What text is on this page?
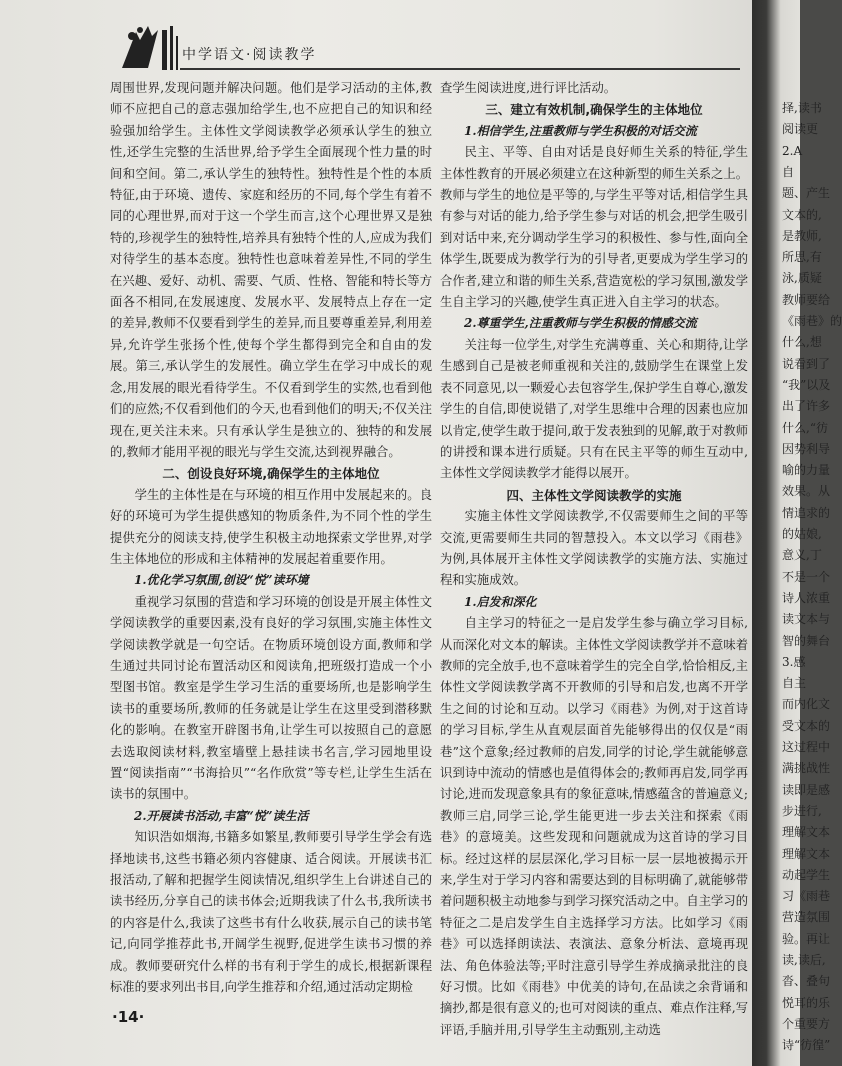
中学语文·阅读教学

周围世界,发现问题并解决问题。他们是学习活动的主体,教师不应把自己的意志强加给学生,也不应把自己的知识和经验强加给学生。主体性文学阅读教学必须承认学生的独立性,还学生完整的生活世界,给予学生全面展现个性力量的时间和空间。第二,承认学生的独特性。独特性是个性的本质特征,由于环境、遗传、家庭和经历的不同,每个学生有着不同的心理世界,而对于这一个学生而言,这个心理世界又是独特的,珍视学生的独特性,培养具有独特个性的人,应成为我们对待学生的基本态度。独特性也意味着差异性,不同的学生在兴趣、爱好、动机、需要、气质、性格、智能和特长等方面各不相同,在发展速度、发展水平、发展特点上存在一定的差异,教师不仅要看到学生的差异,而且要尊重差异,利用差异,允许学生张扬个性,使每个学生都得到完全和自由的发展。第三,承认学生的发展性。确立学生在学习中成长的观念,用发展的眼光看待学生。不仅看到学生的实然,也看到他们的应然;不仅看到他们的今天,也看到他们的明天;不仅关注现在,更关注未来。只有承认学生是独立的、独特的和发展的,教师才能用平视的眼光与学生交流,达到视界融合。

二、创设良好环境,确保学生的主体地位

学生的主体性是在与环境的相互作用中发展起来的。良好的环境可为学生提供感知的物质条件,为不同个性的学生提供充分的阅读支持,使学生积极主动地探索文学世界,对学生主体地位的形成和主体精神的发展起着重要作用。

1.优化学习氛围,创设“悦”读环境

重视学习氛围的营造和学习环境的创设是开展主体性文学阅读教学的重要因素,没有良好的学习氛围,实施主体性文学阅读教学就是一句空话。在物质环境创设方面,教师和学生通过共同讨论布置活动区和阅读角,把班级打造成一个小型图书馆。教室是学生学习生活的重要场所,也是影响学生读书的重要场所,教师的任务就是让学生在这里受到潜移默化的影响。在教室开辟图书角,让学生可以按照自己的意愿去选取阅读材料,教室墙壁上悬挂读书名言,学习园地里设置“阅读指南”“书海拾贝”“名作欣赏”等专栏,让学生生活在读书的氛围中。

2.开展读书活动,丰富“悦”读生活

知识浩如烟海,书籍多如繁星,教师要引导学生学会有选择地读书,这些书籍必须内容健康、适合阅读。开展读书汇报活动,了解和把握学生阅读情况,组织学生上台讲述自己的读书经历,分享自己的读书体会;近期我读了什么书,我所读书的内容是什么,我读了这些书有什么收获,展示自己的读书笔记,向同学推荐此书,开阔学生视野,促进学生读书习惯的养成。教师要研究什么样的书有利于学生的成长,根据新课程标准的要求列出书目,向学生推荐和介绍,通过活动定期检

查学生阅读进度,进行评比活动。

三、建立有效机制,确保学生的主体地位
1.相信学生,注重教师与学生积极的对话交流

民主、平等、自由对话是良好师生关系的特征,学生主体性教育的开展必须建立在这种新型的师生关系之上。教师与学生的地位是平等的,与学生平等对话,相信学生具有参与对话的能力,给予学生参与对话的机会,把学生吸引到对话中来,充分调动学生学习的积极性、参与性,面向全体学生,既要成为教学行为的引导者,更要成为学生学习的合作者,建立和谐的师生关系,营造宽松的学习氛围,激发学生自主学习的兴趣,使学生真正进入自主学习的状态。

2.尊重学生,注重教师与学生积极的情感交流

关注每一位学生,对学生充满尊重、关心和期待,让学生感到自己是被老师重视和关注的,鼓励学生在课堂上发表不同意见,以一颗爱心去包容学生,保护学生自尊心,激发学生的自信,即使说错了,对学生思维中合理的因素也应加以肯定,使学生敢于提问,敢于发表独到的见解,敢于对教师的讲授和课本进行质疑。只有在民主平等的师生互动中,主体性文学阅读教学才能得以展开。

四、主体性文学阅读教学的实施

实施主体性文学阅读教学,不仅需要师生之间的平等交流,更需要师生共同的智慧投入。本文以学习《雨巷》为例,具体展开主体性文学阅读教学的实施方法、实施过程和实施成效。

1.启发和深化

自主学习的特征之一是启发学生参与确立学习目标,从而深化对文本的解读。主体性文学阅读教学并不意味着教师的完全放手,也不意味着学生的完全自学,恰恰相反,主体性文学阅读教学离不开教师的引导和启发,也离不开学生之间的讨论和互动。以学习《雨巷》为例,对于这首诗的学习目标,学生从直观层面首先能够得出的仅仅是“雨巷”这个意象;经过教师的启发,同学的讨论,学生就能够意识到诗中流动的情感也是值得体会的;教师再启发,同学再讨论,进而发现意象具有的象征意味,情感蕴含的普遍意义;教师三启,同学三论,学生能更进一步去关注和探索《雨巷》的意境美。这些发现和问题就成为这首诗的学习目标。经过这样的层层深化,学习目标一层一层地被揭示开来,学生对于学习内容和需要达到的目标明确了,就能够带着问题积极主动地参与到学习探究活动之中。自主学习的特征之二是启发学生自主选择学习方法。比如学习《雨巷》可以选择朗读法、表演法、意象分析法、意境再现法、角色体验法等;平时注意引导学生养成摘录批注的良好习惯。比如《雨巷》中优美的诗句,在品读之余背诵和摘抄,都是很有意义的;也可对阅读的重点、难点作注释,写评语,手脑并用,引导学生主动甄别,主动选

·14·
择,读书
阅读更
2.A
自
题、产生
文本的,
是教师,
所思,有
泳,质疑
教师要给
《雨巷》的
什么,想
说看到了
“我”以及
出了许多
什么,“彷
因势利导
喻的力量
效果。从
情追求的
的姑娘,
意义,丁
不是一个
诗人浓重
读文本与
智的舞台
3.感
自主
而内化文
受文本的
这过程中
满挑战性
读即是感
步进行,
理解文本
理解文本
动起学生
习《雨巷
营造氛围
验。再让
读,读后,
沓、叠句
悦耳的乐
个重要方
诗“彷徨”
